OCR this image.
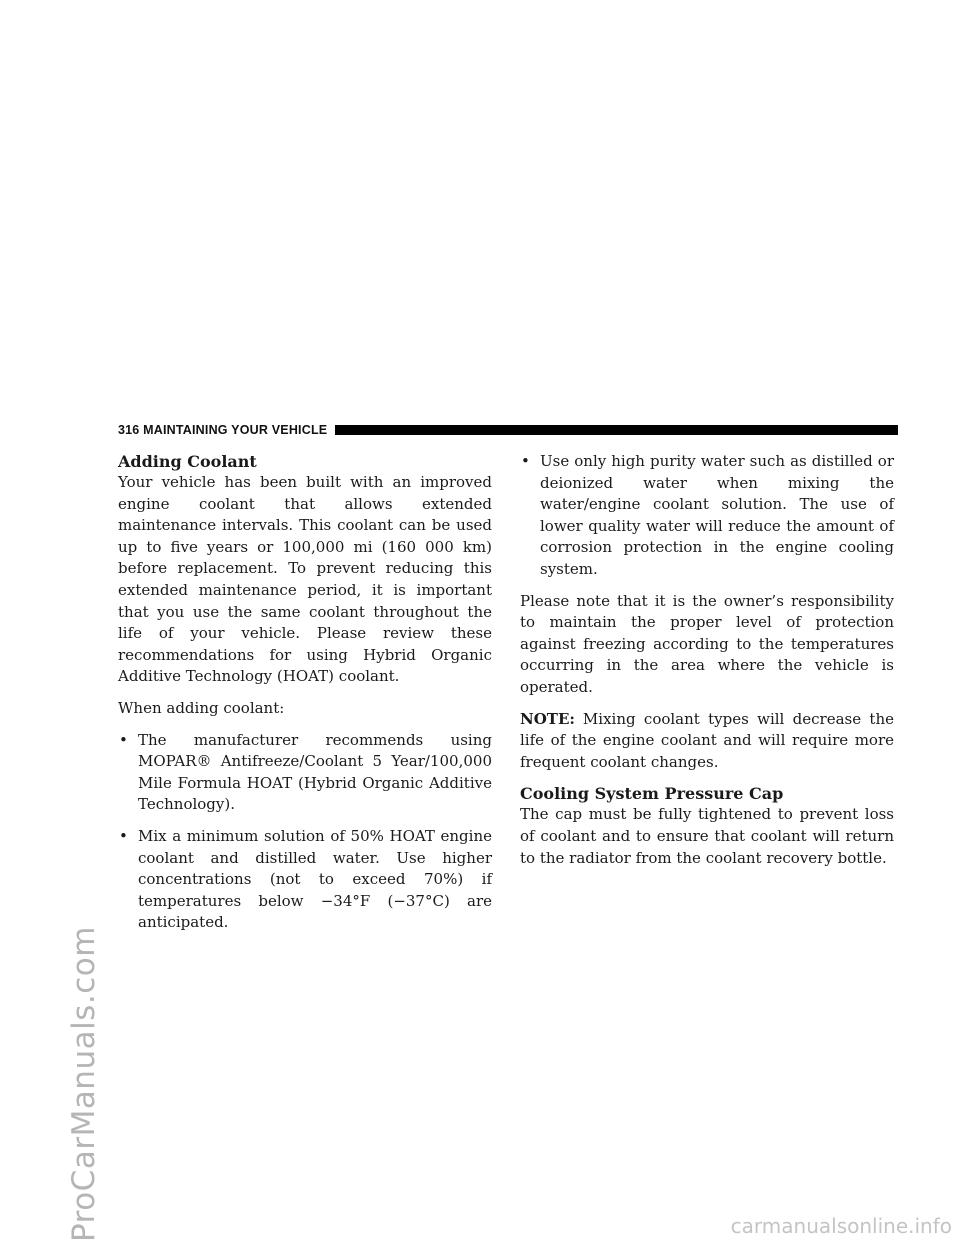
ProCarManuals.com
316 MAINTAINING YOUR VEHICLE
Adding Coolant

Your vehicle has been built with an improved engine coolant that allows extended maintenance intervals. This coolant can be used up to five years or 100,000 mi (160 000 km) before replacement. To prevent reducing this extended maintenance period, it is important that you use the same coolant throughout the life of your vehicle. Please review these recommendations for using Hybrid Organic Additive Technology (HOAT) coolant.

When adding coolant:

• The manufacturer recommends using MOPAR® Antifreeze/Coolant 5 Year/100,000 Mile Formula HOAT (Hybrid Organic Additive Technology).
• Mix a minimum solution of 50% HOAT engine coolant and distilled water. Use higher concentrations (not to exceed 70%) if temperatures below −34°F (−37°C) are anticipated.
• Use only high purity water such as distilled or deionized water when mixing the water/engine coolant solution. The use of lower quality water will reduce the amount of corrosion protection in the engine cooling system.

Please note that it is the owner’s responsibility to maintain the proper level of protection against freezing according to the temperatures occurring in the area where the vehicle is operated.

NOTE: Mixing coolant types will decrease the life of the engine coolant and will require more frequent coolant changes.

Cooling System Pressure Cap

The cap must be fully tightened to prevent loss of coolant and to ensure that coolant will return to the radiator from the coolant recovery bottle.

carmanualsonline.info
